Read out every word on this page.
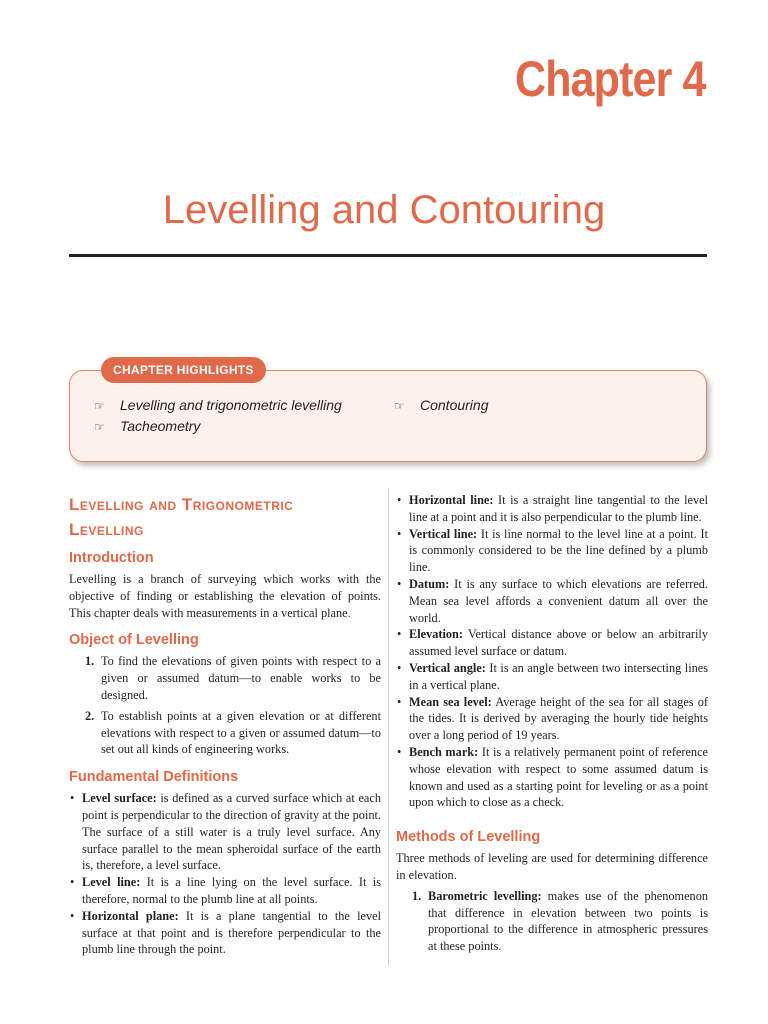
Chapter 4
Levelling and Contouring
CHAPTER HIGHLIGHTS
☞ Levelling and trigonometric levelling
☞ Tacheometry
☞ Contouring
Levelling and Trigonometric
Levelling
Introduction

Levelling is a branch of surveying which works with the objective of finding or establishing the elevation of points. This chapter deals with measurements in a vertical plane.

Object of Levelling
1. To find the elevations of given points with respect to a given or assumed datum—to enable works to be designed.
2. To establish points at a given elevation or at different elevations with respect to a given or assumed datum—to set out all kinds of engineering works.
Fundamental Definitions
• Level surface: is defined as a curved surface which at each point is perpendicular to the direction of gravity at the point. The surface of a still water is a truly level surface. Any surface parallel to the mean spheroidal surface of the earth is, therefore, a level surface.
• Level line: It is a line lying on the level surface. It is therefore, normal to the plumb line at all points.
• Horizontal plane: It is a plane tangential to the level surface at that point and is therefore perpendicular to the plumb line through the point.
• Horizontal line: It is a straight line tangential to the level line at a point and it is also perpendicular to the plumb line.
• Vertical line: It is line normal to the level line at a point. It is commonly considered to be the line defined by a plumb line.
• Datum: It is any surface to which elevations are referred. Mean sea level affords a convenient datum all over the world.
• Elevation: Vertical distance above or below an arbitrarily assumed level surface or datum.
• Vertical angle: It is an angle between two intersecting lines in a vertical plane.
• Mean sea level: Average height of the sea for all stages of the tides. It is derived by averaging the hourly tide heights over a long period of 19 years.
• Bench mark: It is a relatively permanent point of reference whose elevation with respect to some assumed datum is known and used as a starting point for leveling or as a point upon which to close as a check.
Methods of Levelling

Three methods of leveling are used for determining difference in elevation.

1. Barometric levelling: makes use of the phenomenon that difference in elevation between two points is proportional to the difference in atmospheric pressures at these points.
